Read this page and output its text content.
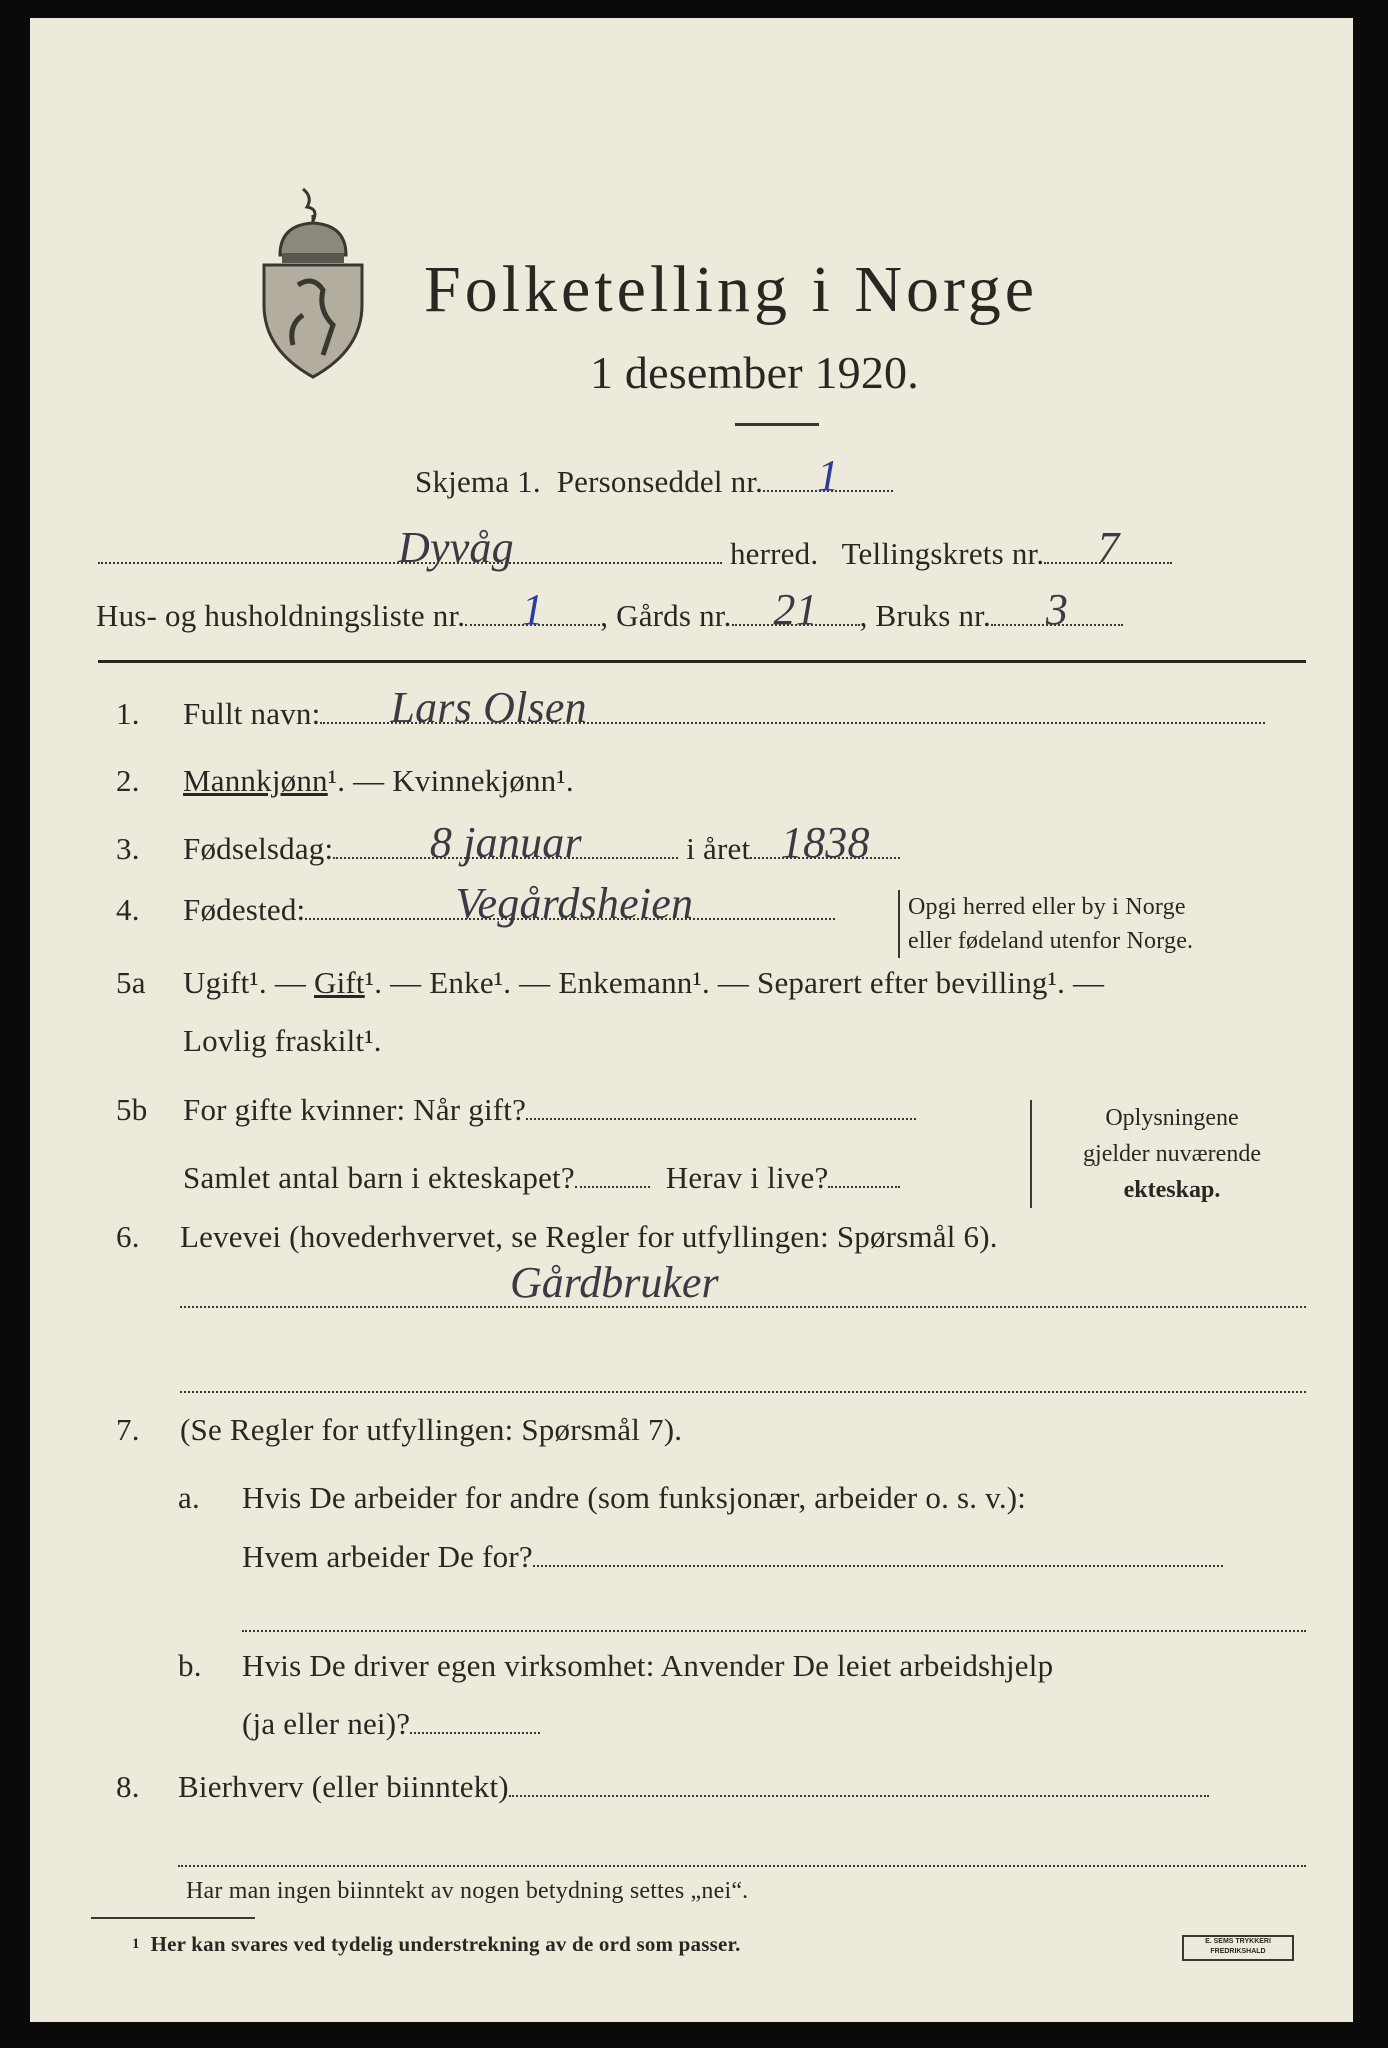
Folketelling i Norge
1 desember 1920.
Skjema 1. Personseddel nr.	1
Dyvåg	herred. Tellingskrets nr.	7
Hus- og husholdningsliste nr.	1	, Gårds nr. 21	, Bruks nr.	3
1. Fullt navn: Lars Olsen
2. Mannkjønn¹. — Kvinnekjønn¹.
3. Fødselsdag:	8 januar	i året 1838
4. Fødested:	Vegårdsheien	Opgi herred eller by i Norge
eller fødeland utenfor Norge.
5a Ugift¹. — Gift¹. — Enke¹. — Enkemann¹. — Separert efter bevilling¹. —
Lovlig fraskilt¹.
5b For gifte kvinner: Når gift?
Samlet antal barn i ekteskapet?	Herav i live?
Oplysningene
gjelder nuværende
ekteskap.
6. Levevei (hovederhvervet, se Regler for utfyllingen: Spørsmål 6).
Gårdbruker
7. (Se Regler for utfyllingen: Spørsmål 7).
a. Hvis De arbeider for andre (som funksjonær, arbeider o. s. v.):
Hvem arbeider De for?
b. Hvis De driver egen virksomhet: Anvender De leiet arbeidshjelp
(ja eller nei)?
8. Bierhverv (eller biinntekt)
Har man ingen biinntekt av nogen betydning settes „nei“.
$^1$ Her kan svares ved tydelig understrekning av de ord som passer.	E. SEMS TRYKKERI FREDRIKSHALD
